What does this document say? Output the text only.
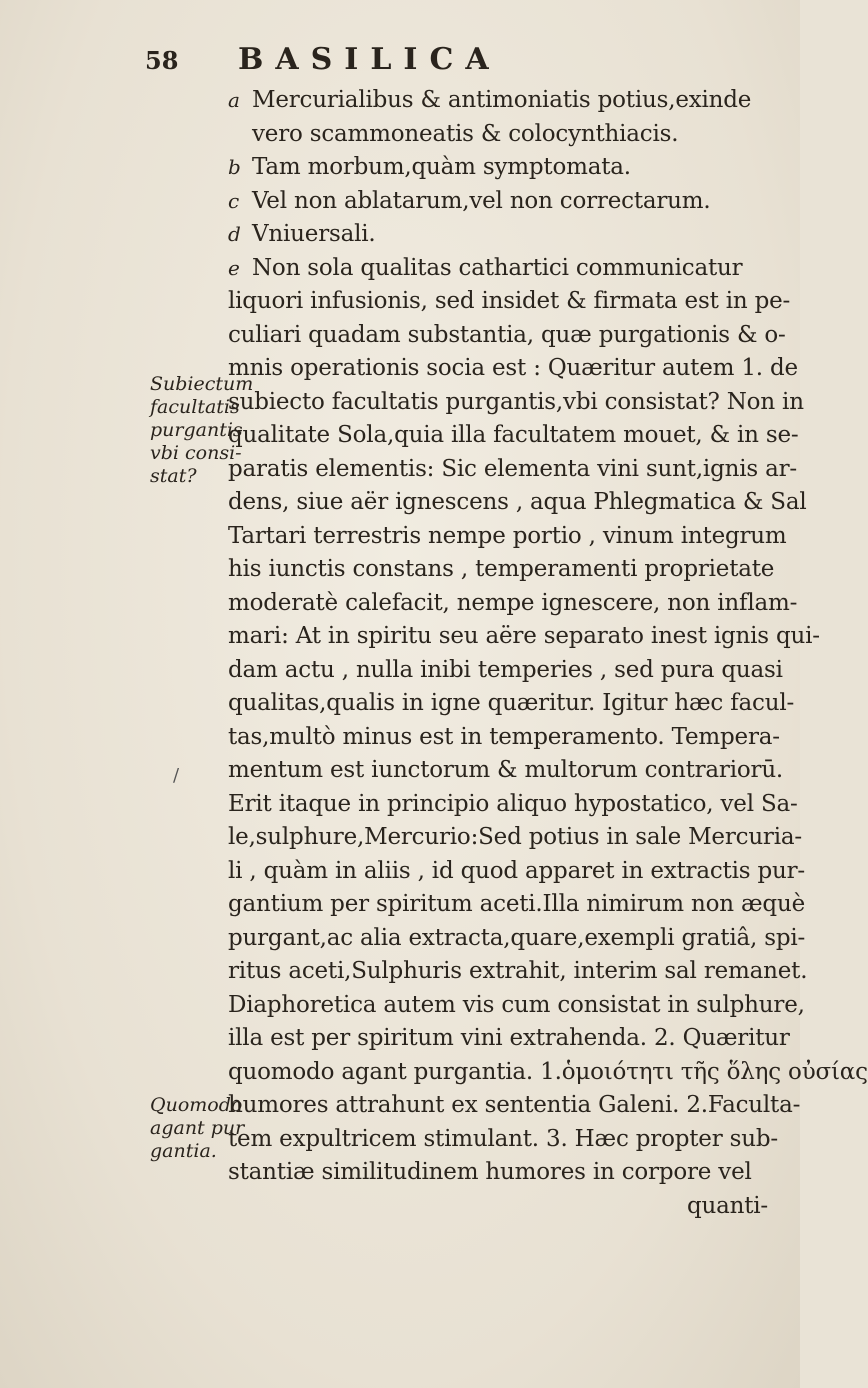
58 BASILICA
Subiectum
facultatis
purgantis
vbi consi-
stat?
/
Quomodo
agant pur
gantia.
a Mercurialibus & antimoniatis potius,exinde
vero scammoneatis & colocynthiacis.
b Tam morbum,quàm symptomata.
c Vel non ablatarum,vel non correctarum.
d Vniuersali.
e Non sola qualitas cathartici communicatur
liquori infusionis, sed insidet & firmata est in pe-
culiari quadam substantia, quæ purgationis & o-
mnis operationis socia est : Quæritur autem 1. de
subiecto facultatis purgantis,vbi consistat? Non in
qualitate Sola,quia illa facultatem mouet, & in se-
paratis elementis: Sic elementa vini sunt,ignis ar-
dens, siue aër ignescens , aqua Phlegmatica & Sal
Tartari terrestris nempe portio , vinum integrum
his iunctis constans , temperamenti proprietate
moderatè calefacit, nempe ignescere, non inflam-
mari: At in spiritu seu aëre separato inest ignis qui-
dam actu , nulla inibi temperies , sed pura quasi
qualitas,qualis in igne quæritur. Igitur hæc facul-
tas,multò minus est in temperamento. Tempera-
mentum est iunctorum & multorum contrariorū.
Erit itaque in principio aliquo hypostatico, vel Sa-
le,sulphure,Mercurio:Sed potius in sale Mercuria-
li , quàm in aliis , id quod apparet in extractis pur-
gantium per spiritum aceti.Illa nimirum non æquè
purgant,ac alia extracta,quare,exempli gratiâ, spi-
ritus aceti,Sulphuris extrahit, interim sal remanet.
Diaphoretica autem vis cum consistat in sulphure,
illa est per spiritum vini extrahenda. 2. Quæritur
quomodo agant purgantia. 1.ὁμοιότητι τῆς ὅλης οὐσίας
humores attrahunt ex sententia Galeni. 2.Faculta-
tem expultricem stimulant. 3. Hæc propter sub-
stantiæ similitudinem humores in corpore vel
quanti-
